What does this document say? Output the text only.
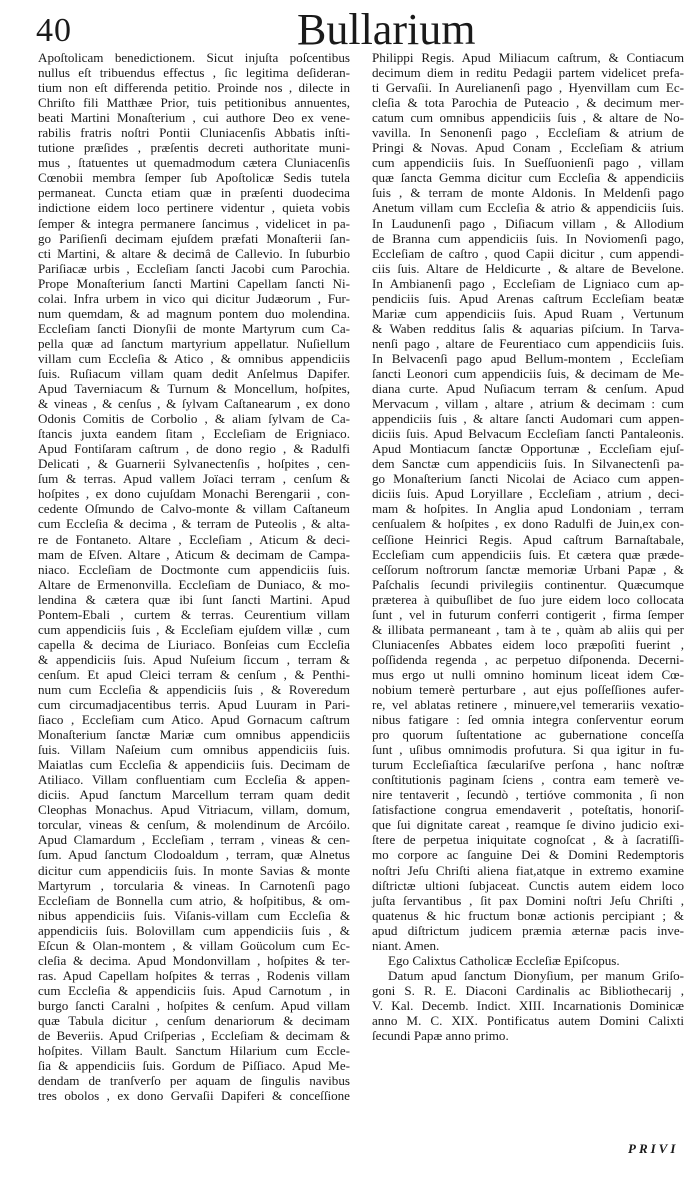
40	Bullarium
Apoſtolicam benedictionem. Sicut injuſta poſcentibus
nullus eſt tribuendus effectus , ſic legitima deſideran-
tium non eſt differenda petitio. Proinde nos , dilecte in
Chriſto fili Matthæe Prior, tuis petitionibus annuentes,
beati Martini Monaſterium , cui authore Deo ex vene-
rabilis fratris noſtri Pontii Cluniacenſis Abbatis inſti-
tutione præſides , præſentis decreti authoritate muni-
mus , ſtatuentes ut quemadmodum cætera Cluniacenſis
Cœnobii membra ſemper ſub Apoſtolicæ Sedis tutela
permaneat. Cuncta etiam quæ in præſenti duodecima
indictione eidem loco pertinere videntur , quieta vobis
ſemper & integra permanere ſancimus , videlicet in pa-
go Pariſienſi decimam ejuſdem præfati Monaſterii ſan-
cti Martini, & altare & decimâ de Callevio. In ſuburbio
Pariſiacæ urbis , Eccleſiam ſancti Jacobi cum Parochia.
Prope Monaſterium ſancti Martini Capellam ſancti Ni-
colai. Infra urbem in vico qui dicitur Judæorum , Fur-
num quemdam, & ad magnum pontem duo molendina.
Eccleſiam ſancti Dionyſii de monte Martyrum cum Ca-
pella quæ ad ſanctum martyrium appellatur. Nuſiellum
villam cum Eccleſia & Atico , & omnibus appendiciis
ſuis. Ruſiacum villam quam dedit Anſelmus Dapifer.
Apud Taverniacum & Turnum & Moncellum, hoſpites,
& vineas , & cenſus , & ſylvam Caſtanearum , ex dono
Odonis Comitis de Corbolio , & aliam ſylvam de Ca-
ſtancis juxta eandem ſitam , Eccleſiam de Erigniaco.
Apud Fontiſaram caſtrum , de dono regio , & Radulfi
Delicati , & Guarnerii Sylvanectenſis , hoſpites , cen-
ſum & terras. Apud vallem Joïaci terram , cenſum &
hoſpites , ex dono cujuſdam Monachi Berengarii , con-
cedente Oſmundo de Calvo-monte & villam Caſtaneum
cum Eccleſia & decima , & terram de Puteolis , & alta-
re de Fontaneto. Altare , Eccleſiam , Aticum & deci-
mam de Eſven. Altare , Aticum & decimam de Campa-
niaco. Eccleſiam de Doctmonte cum appendiciis ſuis.
Altare de Ermenonvilla. Eccleſiam de Duniaco, & mo-
lendina & cætera quæ ibi ſunt ſancti Martini. Apud
Pontem-Ebali , curtem & terras. Ceurentium villam
cum appendiciis ſuis , & Eccleſiam ejuſdem villæ , cum
capella & decima de Liuriaco. Bonſeias cum Eccleſia
& appendiciis ſuis. Apud Nuſeium ſiccum , terram &
cenſum. Et apud Cleici terram & cenſum , & Penthi-
num cum Eccleſia & appendiciis ſuis , & Roveredum
cum circumadjacentibus terris. Apud Luuram in Pari-
ſiaco , Eccleſiam cum Atico. Apud Gornacum caſtrum
Monaſterium ſanctæ Mariæ cum omnibus appendiciis
ſuis. Villam Naſeium cum omnibus appendiciis ſuis.
Maiatlas cum Eccleſia & appendiciis ſuis. Decimam de
Atiliaco. Villam confluentiam cum Eccleſia & appen-
diciis. Apud ſanctum Marcellum terram quam dedit
Cleophas Monachus. Apud Vitriacum, villam, domum,
torcular, vineas & cenſum, & molendinum de Arcóilo.
Apud Clamardum , Eccleſiam , terram , vineas & cen-
ſum. Apud ſanctum Clodoaldum , terram, quæ Alnetus
dicitur cum appendiciis ſuis. In monte Savias & monte
Martyrum , torcularia & vineas. In Carnotenſi pago
Eccleſiam de Bonnella cum atrio, & hoſpitibus, & om-
nibus appendiciis ſuis. Viſanis-villam cum Eccleſia &
appendiciis ſuis. Bolovillam cum appendiciis ſuis , &
Eſcun & Olan-montem , & villam Goücolum cum Ec-
cleſia & decima. Apud Mondonvillam , hoſpites & ter-
ras. Apud Capellam hoſpites & terras , Rodenis villam
cum Eccleſia & appendiciis ſuis. Apud Carnotum , in
burgo ſancti Caralni , hoſpites & cenſum. Apud villam
quæ Tabula dicitur , cenſum denariorum & decimam
de Beveriis. Apud Criſperias , Eccleſiam & decimam &
hoſpites. Villam Bault. Sanctum Hilarium cum Eccle-
ſia & appendiciis ſuis. Gordum de Piſſiaco. Apud Me-
dendam de tranſverſo per aquam de ſingulis navibus
tres obolos , ex dono Gervaſii Dapiferi & conceſſione
Philippi Regis. Apud Miliacum caſtrum, & Contiacum
decimum diem in reditu Pedagii partem videlicet prefa-
ti Gervaſii. In Aurelianenſi pago , Hyenvillam cum Ec-
cleſia & tota Parochia de Puteacio , & decimum mer-
catum cum omnibus appendiciis ſuis , & altare de No-
vavilla. In Senonenſi pago , Eccleſiam & atrium de
Pringi & Novas. Apud Conam , Eccleſiam & atrium
cum appendiciis ſuis. In Sueſſuonienſi pago , villam
quæ ſancta Gemma dicitur cum Eccleſia & appendiciis
ſuis , & terram de monte Aldonis. In Meldenſi pago
Anetum villam cum Eccleſia & atrio & appendiciis ſuis.
In Laudunenſi pago , Diſiacum villam , & Allodium
de Branna cum appendiciis ſuis. In Noviomenſi pago,
Eccleſiam de caſtro , quod Capii dicitur , cum appendi-
ciis ſuis. Altare de Heldicurte , & altare de Bevelone.
In Ambianenſi pago , Eccleſiam de Ligniaco cum ap-
pendiciis ſuis. Apud Arenas caſtrum Eccleſiam beatæ
Mariæ cum appendiciis ſuis. Apud Ruam , Vertunum
& Waben redditus ſalis & aquarias piſcium. In Tarva-
nenſi pago , altare de Feurentiaco cum appendiciis ſuis.
In Belvacenſi pago apud Bellum-montem , Eccleſiam
ſancti Leonori cum appendiciis ſuis, & decimam de Me-
diana curte. Apud Nuſiacum terram & cenſum. Apud
Mervacum , villam , altare , atrium & decimam : cum
appendiciis ſuis , & altare ſancti Audomari cum appen-
diciis ſuis. Apud Belvacum Eccleſiam ſancti Pantaleonis.
Apud Montiacum ſanctæ Opportunæ , Eccleſiam ejuſ-
dem Sanctæ cum appendiciis ſuis. In Silvanectenſi pa-
go Monaſterium ſancti Nicolai de Aciaco cum appen-
diciis ſuis. Apud Loryillare , Eccleſiam , atrium , deci-
mam & hoſpites. In Anglia apud Londoniam , terram
cenſualem & hoſpites , ex dono Radulfi de Juin,ex con-
ceſſione Heinrici Regis. Apud caſtrum Barnaſtabale,
Eccleſiam cum appendiciis ſuis. Et cætera quæ præde-
ceſſorum noſtrorum ſanctæ memoriæ Urbani Papæ , &
Paſchalis ſecundi privilegiis continentur. Quæcumque
præterea à quibuſlibet de ſuo jure eidem loco collocata
ſunt , vel in futurum conferri contigerit , firma ſemper
& illibata permaneant , tam à te , quàm ab aliis qui per
Cluniacenſes Abbates eidem loco præpoſiti fuerint ,
poſſidenda regenda , ac perpetuo diſponenda. Decerni-
mus ergo ut nulli omnino hominum liceat idem Cœ-
nobium temerè perturbare , aut ejus poſſeſſiones aufer-
re, vel ablatas retinere , minuere,vel temerariis vexatio-
nibus fatigare : ſed omnia integra conſerventur eorum
pro quorum ſuſtentatione ac gubernatione conceſſa
ſunt , uſibus omnimodis profutura. Si qua igitur in fu-
turum Eccleſiaſtica ſæculariſve perſona , hanc noſtræ
conſtitutionis paginam ſciens , contra eam temerè ve-
nire tentaverit , ſecundò , tertióve commonita , ſi non
ſatisfactione congrua emendaverit , poteſtatis, honoriſ-
que ſui dignitate careat , reamque ſe divino judicio exi-
ſtere de perpetua iniquitate cognoſcat , & à ſacratiſſi-
mo corpore ac ſanguine Dei & Domini Redemptoris
noſtri Jeſu Chriſti aliena fiat,atque in extremo examine
diſtrictæ ultioni ſubjaceat. Cunctis autem eidem loco
juſta ſervantibus , ſit pax Domini noſtri Jeſu Chriſti ,
quatenus & hic fructum bonæ actionis percipiant ; &
apud diſtrictum judicem præmia æternæ pacis inve-
niant. Amen.
Ego Calixtus Catholicæ Eccleſiæ Epiſcopus.
Datum apud ſanctum Dionyſium, per manum Griſo-
goni S. R. E. Diaconi Cardinalis ac Bibliothecarij ,
V. Kal. Decemb. Indict. XIII. Incarnationis Dominicæ
anno M. C. XIX. Pontificatus autem Domini Calixti
ſecundi Papæ anno primo.
PRIVI
